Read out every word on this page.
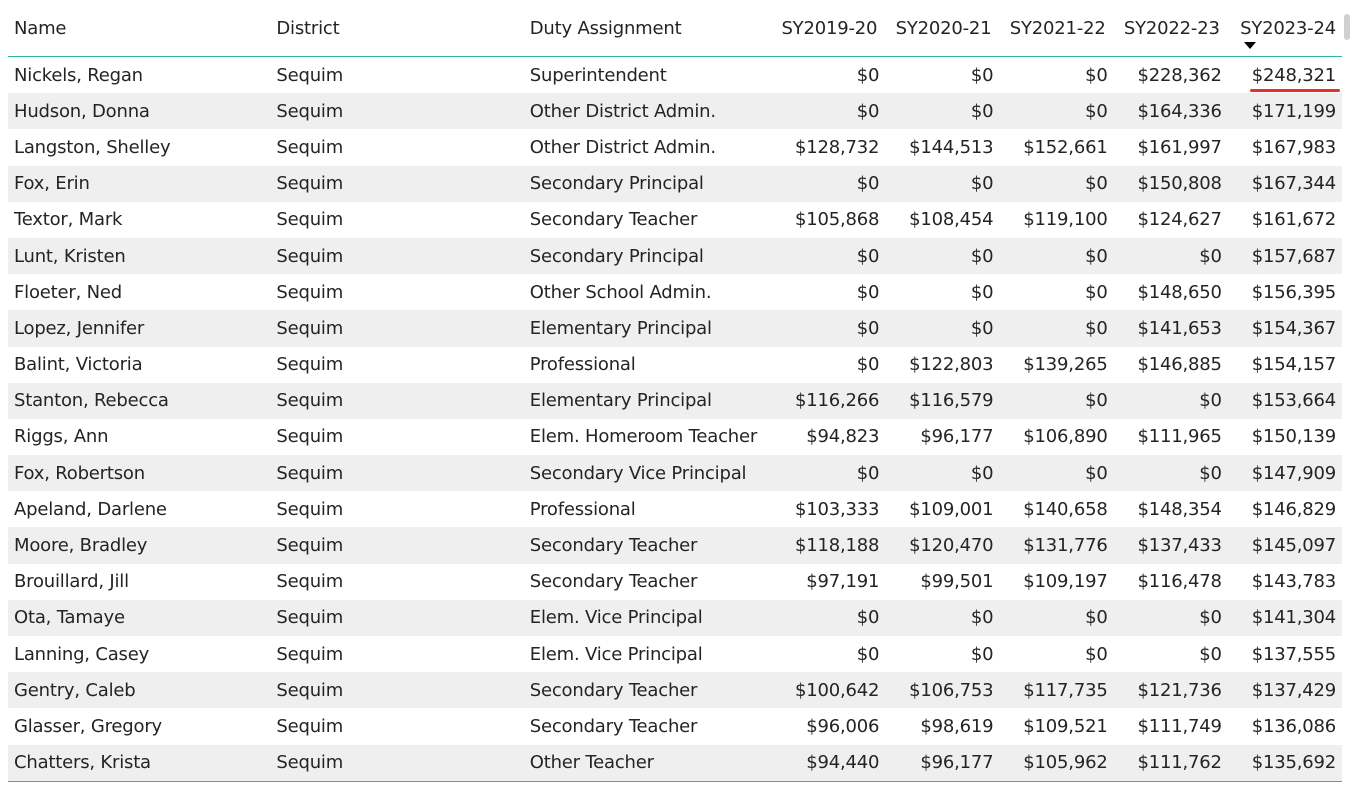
Name	District	Duty Assignment	SY2019-20	SY2020-21	SY2021-22	SY2022-23	SY2023-24

Nickels, Regan	Sequim	Superintendent	$0	$0	$0	$228,362	$248,321

Hudson, Donna	Sequim	Other District Admin.	$0	$0	$0	$164,336	$171,199
Langston, Shelley	Sequim	Other District Admin.	$128,732	$144,513	$152,661	$161,997	$167,983
Fox, Erin	Sequim	Secondary Principal	$0	$0	$0	$150,808	$167,344
Textor, Mark	Sequim	Secondary Teacher	$105,868	$108,454	$119,100	$124,627	$161,672
Lunt, Kristen	Sequim	Secondary Principal	$0	$0	$0	$0	$157,687
Floeter, Ned	Sequim	Other School Admin.	$0	$0	$0	$148,650	$156,395
Lopez, Jennifer	Sequim	Elementary Principal	$0	$0	$0	$141,653	$154,367
Balint, Victoria	Sequim	Professional	$0	$122,803	$139,265	$146,885	$154,157
Stanton, Rebecca	Sequim	Elementary Principal	$116,266	$116,579	$0	$0	$153,664
Riggs, Ann	Sequim	Elem. Homeroom Teacher	$94,823	$96,177	$106,890	$111,965	$150,139
Fox, Robertson	Sequim	Secondary Vice Principal	$0	$0	$0	$0	$147,909
Apeland, Darlene	Sequim	Professional	$103,333	$109,001	$140,658	$148,354	$146,829
Moore, Bradley	Sequim	Secondary Teacher	$118,188	$120,470	$131,776	$137,433	$145,097
Brouillard, Jill	Sequim	Secondary Teacher	$97,191	$99,501	$109,197	$116,478	$143,783
Ota, Tamaye	Sequim	Elem. Vice Principal	$0	$0	$0	$0	$141,304
Lanning, Casey	Sequim	Elem. Vice Principal	$0	$0	$0	$0	$137,555
Gentry, Caleb	Sequim	Secondary Teacher	$100,642	$106,753	$117,735	$121,736	$137,429
Glasser, Gregory	Sequim	Secondary Teacher	$96,006	$98,619	$109,521	$111,749	$136,086
Chatters, Krista	Sequim	Other Teacher	$94,440	$96,177	$105,962	$111,762	$135,692
